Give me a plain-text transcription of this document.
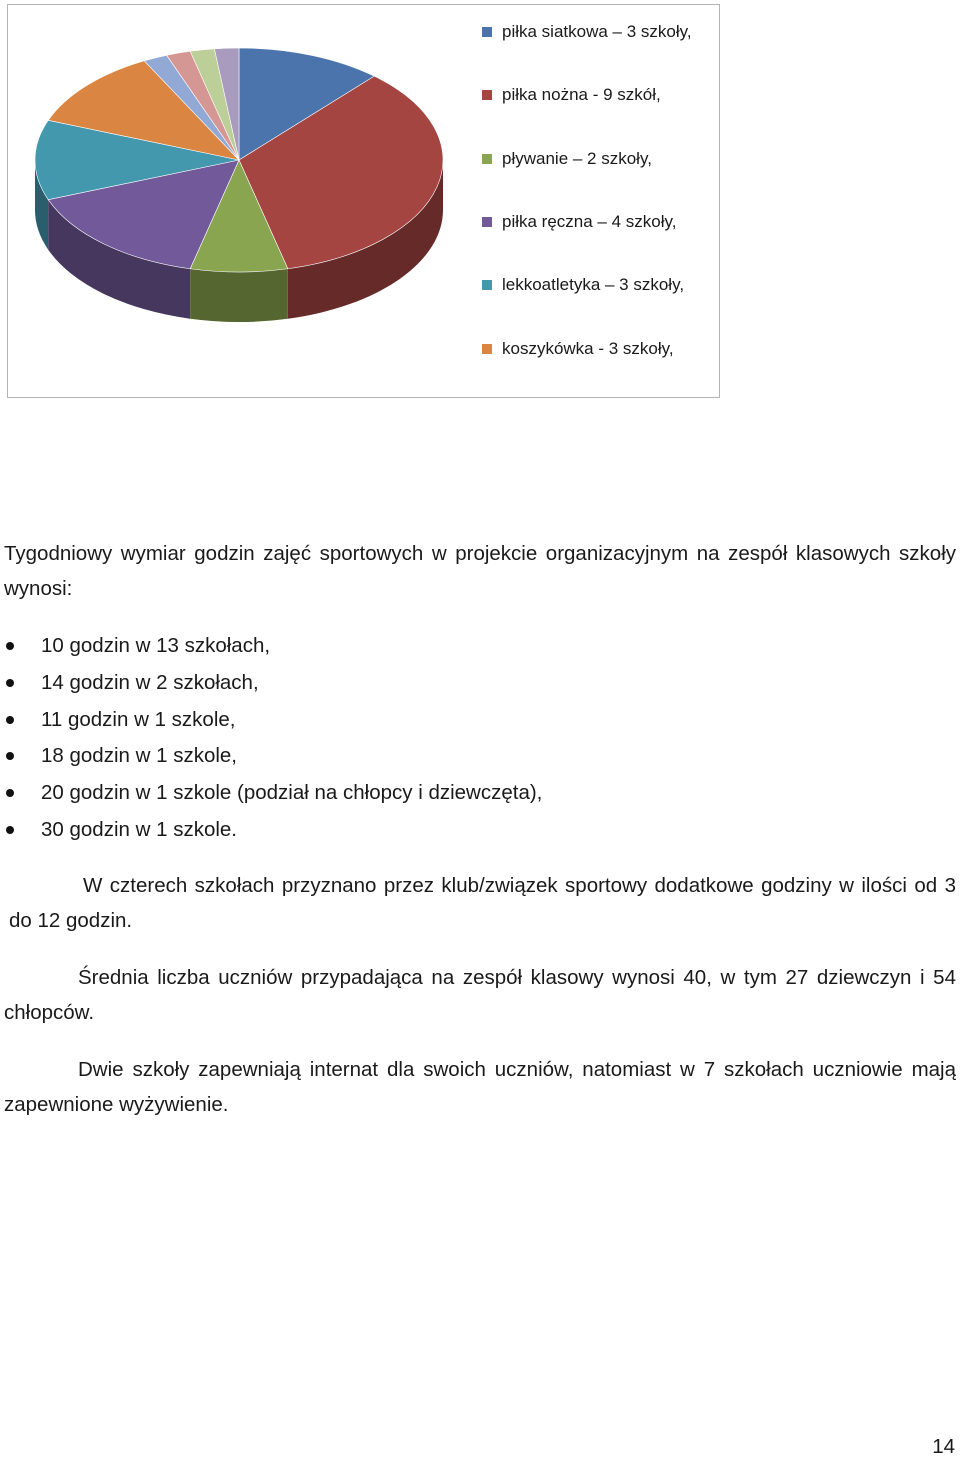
piłka siatkowa – 3 szkoły,
piłka nożna - 9 szkół,
pływanie – 2 szkoły,
piłka ręczna – 4 szkoły,
lekkoatletyka – 3 szkoły,
koszykówka - 3 szkoły,
Tygodniowy wymiar godzin zajęć sportowych w projekcie organizacyjnym na zespół klasowych szkoły wynosi:
10 godzin w 13 szkołach,
14 godzin w 2 szkołach,
11 godzin w 1 szkole,
18 godzin w 1 szkole,
20 godzin w 1 szkole (podział na chłopcy i dziewczęta),
30 godzin w 1 szkole.
W czterech szkołach przyznano przez klub/związek sportowy dodatkowe godziny w ilości od 3 do 12 godzin.
Średnia liczba uczniów przypadająca na zespół klasowy wynosi 40, w tym 27 dziewczyn i 54 chłopców.
Dwie szkoły zapewniają internat dla swoich uczniów, natomiast w 7 szkołach uczniowie mają zapewnione wyżywienie.
14
